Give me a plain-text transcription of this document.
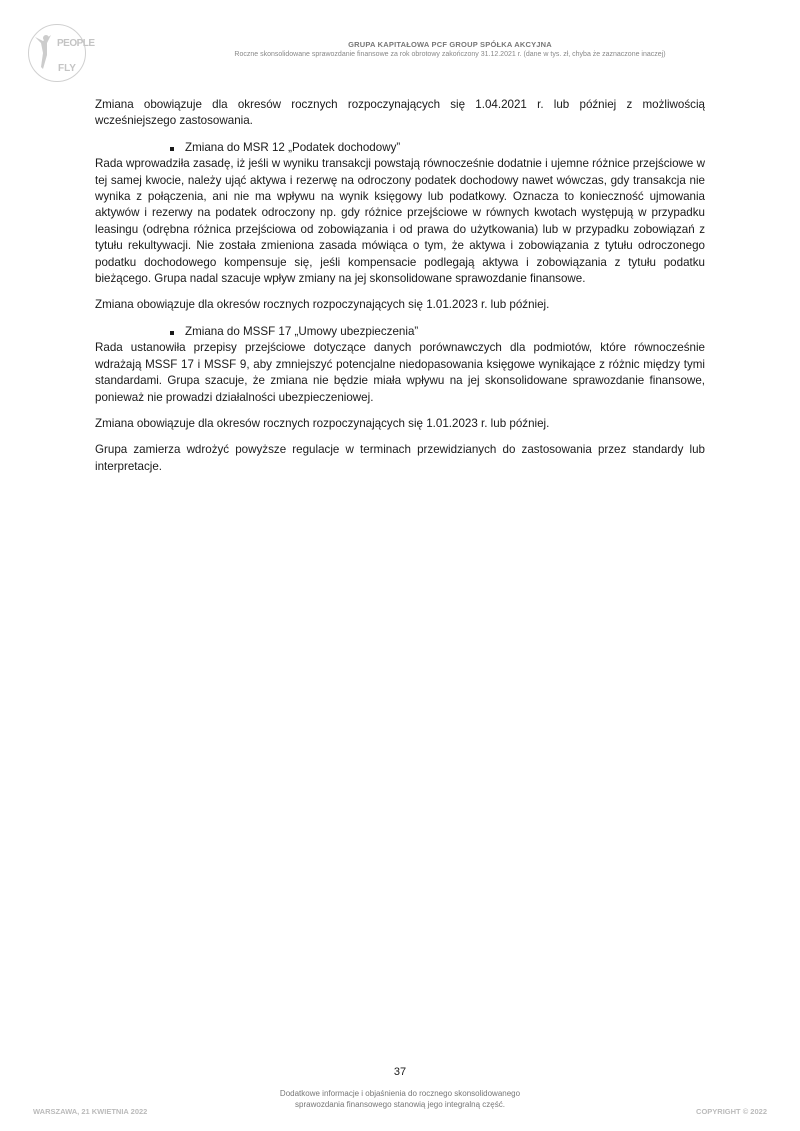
PEOPLE
FLY
GRUPA KAPITAŁOWA PCF GROUP SPÓŁKA AKCYJNA
Roczne skonsolidowane sprawozdanie finansowe za rok obrotowy zakończony 31.12.2021 r. (dane w tys. zł, chyba że zaznaczone inaczej)

Zmiana obowiązuje dla okresów rocznych rozpoczynających się 1.04.2021 r. lub później z możliwością wcześniejszego zastosowania.

Zmiana do MSR 12 „Podatek dochodowy”

Rada wprowadziła zasadę, iż jeśli w wyniku transakcji powstają równocześnie dodatnie i ujemne różnice przejściowe w tej samej kwocie, należy ująć aktywa i rezerwę na odroczony podatek dochodowy nawet wówczas, gdy transakcja nie wynika z połączenia, ani nie ma wpływu na wynik księgowy lub podatkowy. Oznacza to konieczność ujmowania aktywów i rezerwy na podatek odroczony np. gdy różnice przejściowe w równych kwotach występują w przypadku leasingu (odrębna różnica przejściowa od zobowiązania i od prawa do użytkowania) lub w przypadku zobowiązań z tytułu rekultywacji. Nie została zmieniona zasada mówiąca o tym, że aktywa i zobowiązania z tytułu odroczonego podatku dochodowego kompensuje się, jeśli kompensacie podlegają aktywa i zobowiązania z tytułu podatku bieżącego. Grupa nadal szacuje wpływ zmiany na jej skonsolidowane sprawozdanie finansowe.

Zmiana obowiązuje dla okresów rocznych rozpoczynających się 1.01.2023 r. lub później.

Zmiana do MSSF 17 „Umowy ubezpieczenia”

Rada ustanowiła przepisy przejściowe dotyczące danych porównawczych dla podmiotów, które równocześnie wdrażają MSSF 17 i MSSF 9, aby zmniejszyć potencjalne niedopasowania księgowe wynikające z różnic między tymi standardami. Grupa szacuje, że zmiana nie będzie miała wpływu na jej skonsolidowane sprawozdanie finansowe, ponieważ nie prowadzi działalności ubezpieczeniowej.

Zmiana obowiązuje dla okresów rocznych rozpoczynających się 1.01.2023 r. lub później.

Grupa zamierza wdrożyć powyższe regulacje w terminach przewidzianych do zastosowania przez standardy lub interpretacje.

37
Dodatkowe informacje i objaśnienia do rocznego skonsolidowanego
sprawozdania finansowego stanowią jego integralną część.
WARSZAWA, 21 KWIETNIA 2022	COPYRIGHT © 2022
